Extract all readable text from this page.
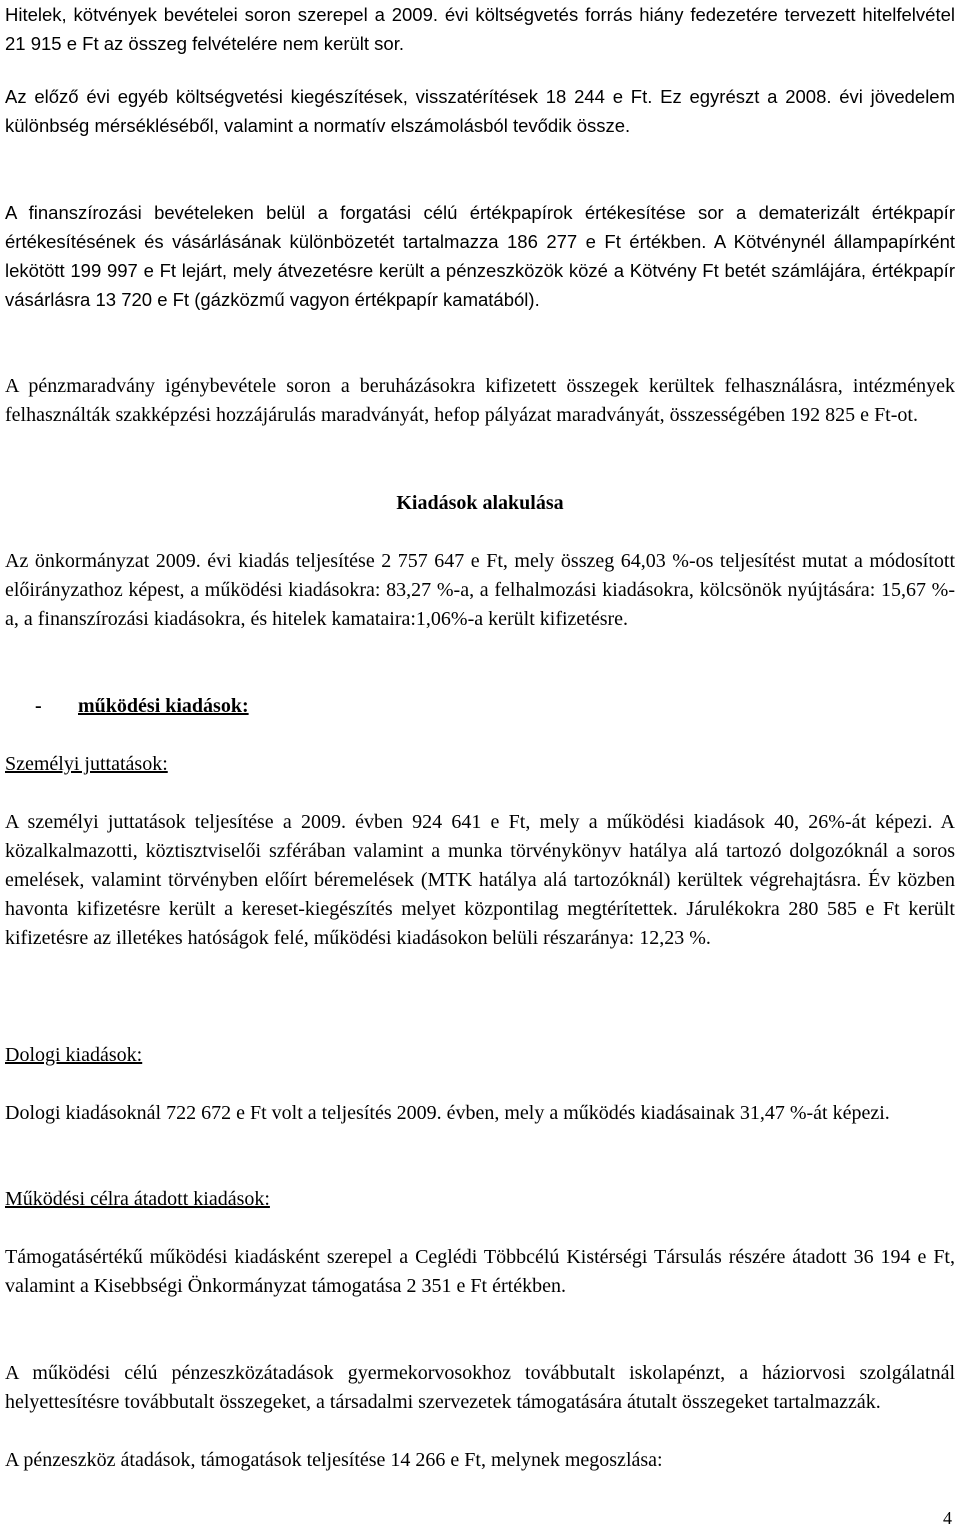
Hitelek, kötvények bevételei soron szerepel a 2009. évi költségvetés forrás hiány fedezetére tervezett hitelfelvétel 21 915 e Ft az összeg felvételére nem került sor.

Az előző évi egyéb költségvetési kiegészítések, visszatérítések 18 244 e Ft. Ez egyrészt a 2008. évi jövedelem különbség mérsékléséből, valamint a normatív elszámolásból tevődik össze.

A finanszírozási bevételeken belül a forgatási célú értékpapírok értékesítése sor a dematerizált értékpapír értékesítésének és vásárlásának különbözetét tartalmazza 186 277 e Ft értékben. A Kötvénynél állampapírként lekötött 199 997 e Ft lejárt, mely átvezetésre került a pénzeszközök közé a Kötvény Ft betét számlájára, értékpapír vásárlásra 13 720 e Ft (gázközmű vagyon értékpapír kamatából).

A pénzmaradvány igénybevétele soron a beruházásokra kifizetett összegek kerültek felhasználásra, intézmények felhasználták szakképzési hozzájárulás maradványát, hefop pályázat maradványát, összességében 192 825 e Ft-ot.

Kiadások alakulása

Az önkormányzat 2009. évi kiadás teljesítése 2 757 647 e Ft, mely összeg 64,03 %-os teljesítést mutat a módosított előirányzathoz képest, a működési kiadásokra: 83,27 %-a, a felhalmozási kiadásokra, kölcsönök nyújtására: 15,67 %-a, a finanszírozási kiadásokra, és hitelek kamataira:1,06%-a került kifizetésre.

- működési kiadások:
Személyi juttatások:

A személyi juttatások teljesítése a 2009. évben 924 641 e Ft, mely a működési kiadások 40, 26%-át képezi. A közalkalmazotti, köztisztviselői szférában valamint a munka törvénykönyv hatálya alá tartozó dolgozóknál a soros emelések, valamint törvényben előírt béremelések (MTK hatálya alá tartozóknál) kerültek végrehajtásra. Év közben havonta kifizetésre került a kereset-kiegészítés melyet központilag megtérítettek. Járulékokra 280 585 e Ft került kifizetésre az illetékes hatóságok felé, működési kiadásokon belüli részaránya: 12,23 %.

Dologi kiadások:

Dologi kiadásoknál 722 672 e Ft volt a teljesítés 2009. évben, mely a működés kiadásainak 31,47 %-át képezi.

Működési célra átadott kiadások:

Támogatásértékű működési kiadásként szerepel a Ceglédi Többcélú Kistérségi Társulás részére átadott 36 194 e Ft, valamint a Kisebbségi Önkormányzat támogatása 2 351 e Ft értékben.

A működési célú pénzeszközátadások gyermekorvosokhoz továbbutalt iskolapénzt, a háziorvosi szolgálatnál helyettesítésre továbbutalt összegeket, a társadalmi szervezetek támogatására átutalt összegeket tartalmazzák.

A pénzeszköz átadások, támogatások teljesítése 14 266 e Ft, melynek megoszlása:

4
